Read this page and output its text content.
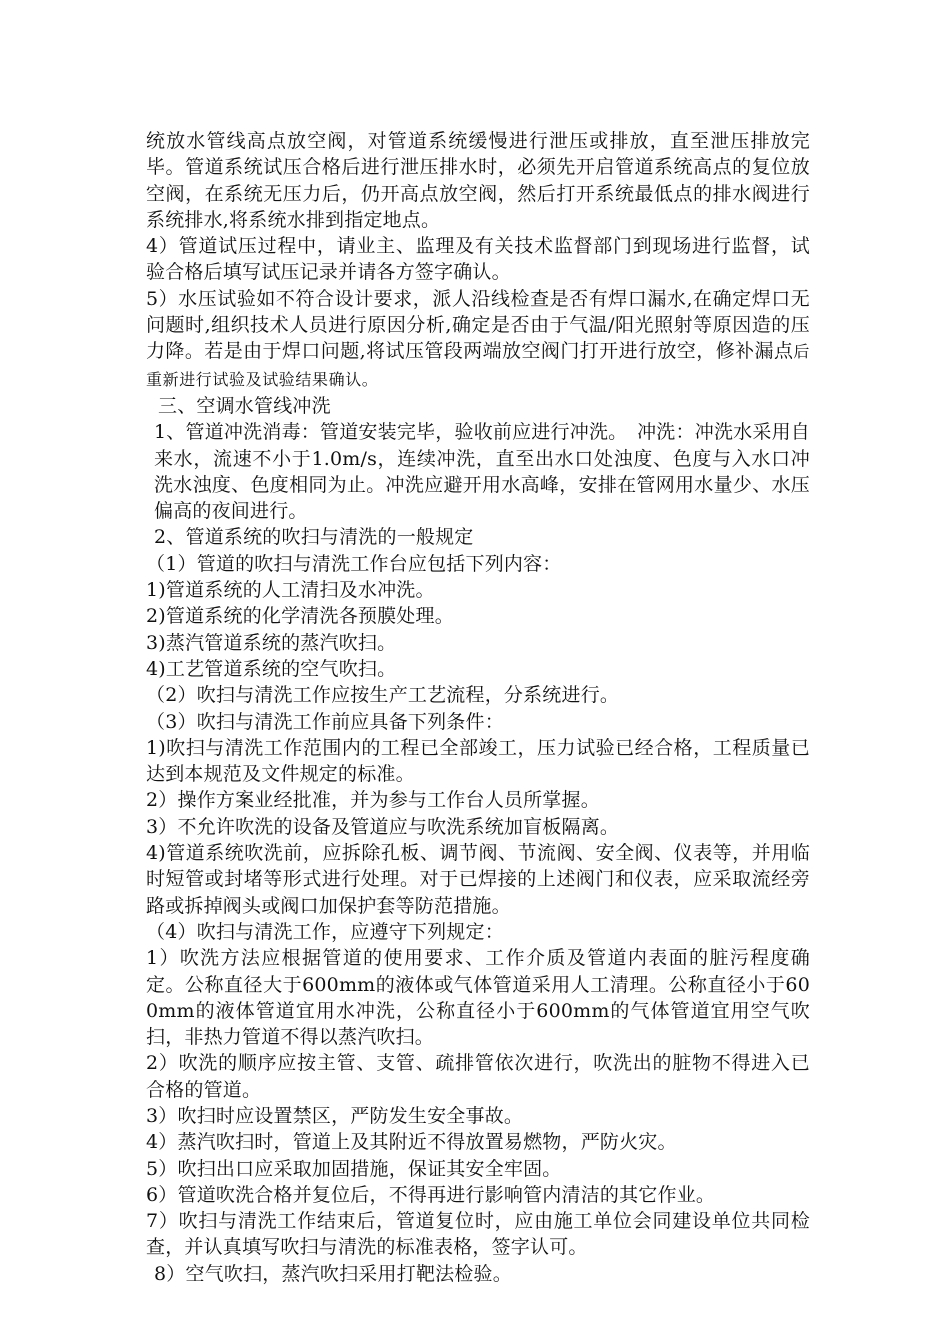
统放水管线高点放空阀，对管道系统缓慢进行泄压或排放，直至泄压排放完毕。管道系统试压合格后进行泄压排水时，必须先开启管道系统高点的复位放空阀，在系统无压力后，仍开高点放空阀，然后打开系统最低点的排水阀进行系统排水,将系统水排到指定地点。

4）管道试压过程中，请业主、监理及有关技术监督部门到现场进行监督，试验合格后填写试压记录并请各方签字确认。

5）水压试验如不符合设计要求，派人沿线检查是否有焊口漏水,在确定焊口无问题时,组织技术人员进行原因分析,确定是否由于气温/阳光照射等原因造的压力降。若是由于焊口问题,将试压管段两端放空阀门打开进行放空，修补漏点后重新进行试验及试验结果确认。

三、空调水管线冲洗

1、管道冲洗消毒：管道安装完毕，验收前应进行冲洗。　冲洗：冲洗水采用自来水，流速不小于1.0m/s，连续冲洗，直至出水口处浊度、色度与入水口冲洗水浊度、色度相同为止。冲洗应避开用水高峰，安排在管网用水量少、水压偏高的夜间进行。

2、管道系统的吹扫与清洗的一般规定

（1）管道的吹扫与清洗工作台应包括下列内容：

1)管道系统的人工清扫及水冲洗。

2)管道系统的化学清洗各预膜处理。

3)蒸汽管道系统的蒸汽吹扫。

4)工艺管道系统的空气吹扫。

（2）吹扫与清洗工作应按生产工艺流程，分系统进行。

（3）吹扫与清洗工作前应具备下列条件：

1)吹扫与清洗工作范围内的工程已全部竣工，压力试验已经合格，工程质量已达到本规范及文件规定的标准。

2）操作方案业经批准，并为参与工作台人员所掌握。

3）不允许吹洗的设备及管道应与吹洗系统加盲板隔离。

4)管道系统吹洗前，应拆除孔板、调节阀、节流阀、安全阀、仪表等，并用临时短管或封堵等形式进行处理。对于已焊接的上述阀门和仪表，应采取流经旁路或拆掉阀头或阀口加保护套等防范措施。

（4）吹扫与清洗工作，应遵守下列规定：

1）吹洗方法应根据管道的使用要求、工作介质及管道内表面的脏污程度确定。公称直径大于600mm的液体或气体管道采用人工清理。公称直径小于600mm的液体管道宜用水冲洗，公称直径小于600mm的气体管道宜用空气吹扫，非热力管道不得以蒸汽吹扫。

2）吹洗的顺序应按主管、支管、疏排管依次进行，吹洗出的脏物不得进入已合格的管道。

3）吹扫时应设置禁区，严防发生安全事故。

4）蒸汽吹扫时，管道上及其附近不得放置易燃物，严防火灾。

5）吹扫出口应采取加固措施，保证其安全牢固。

6）管道吹洗合格并复位后，不得再进行影响管内清洁的其它作业。

7）吹扫与清洗工作结束后，管道复位时，应由施工单位会同建设单位共同检查，并认真填写吹扫与清洗的标准表格，签字认可。

8）空气吹扫，蒸汽吹扫采用打靶法检验。
